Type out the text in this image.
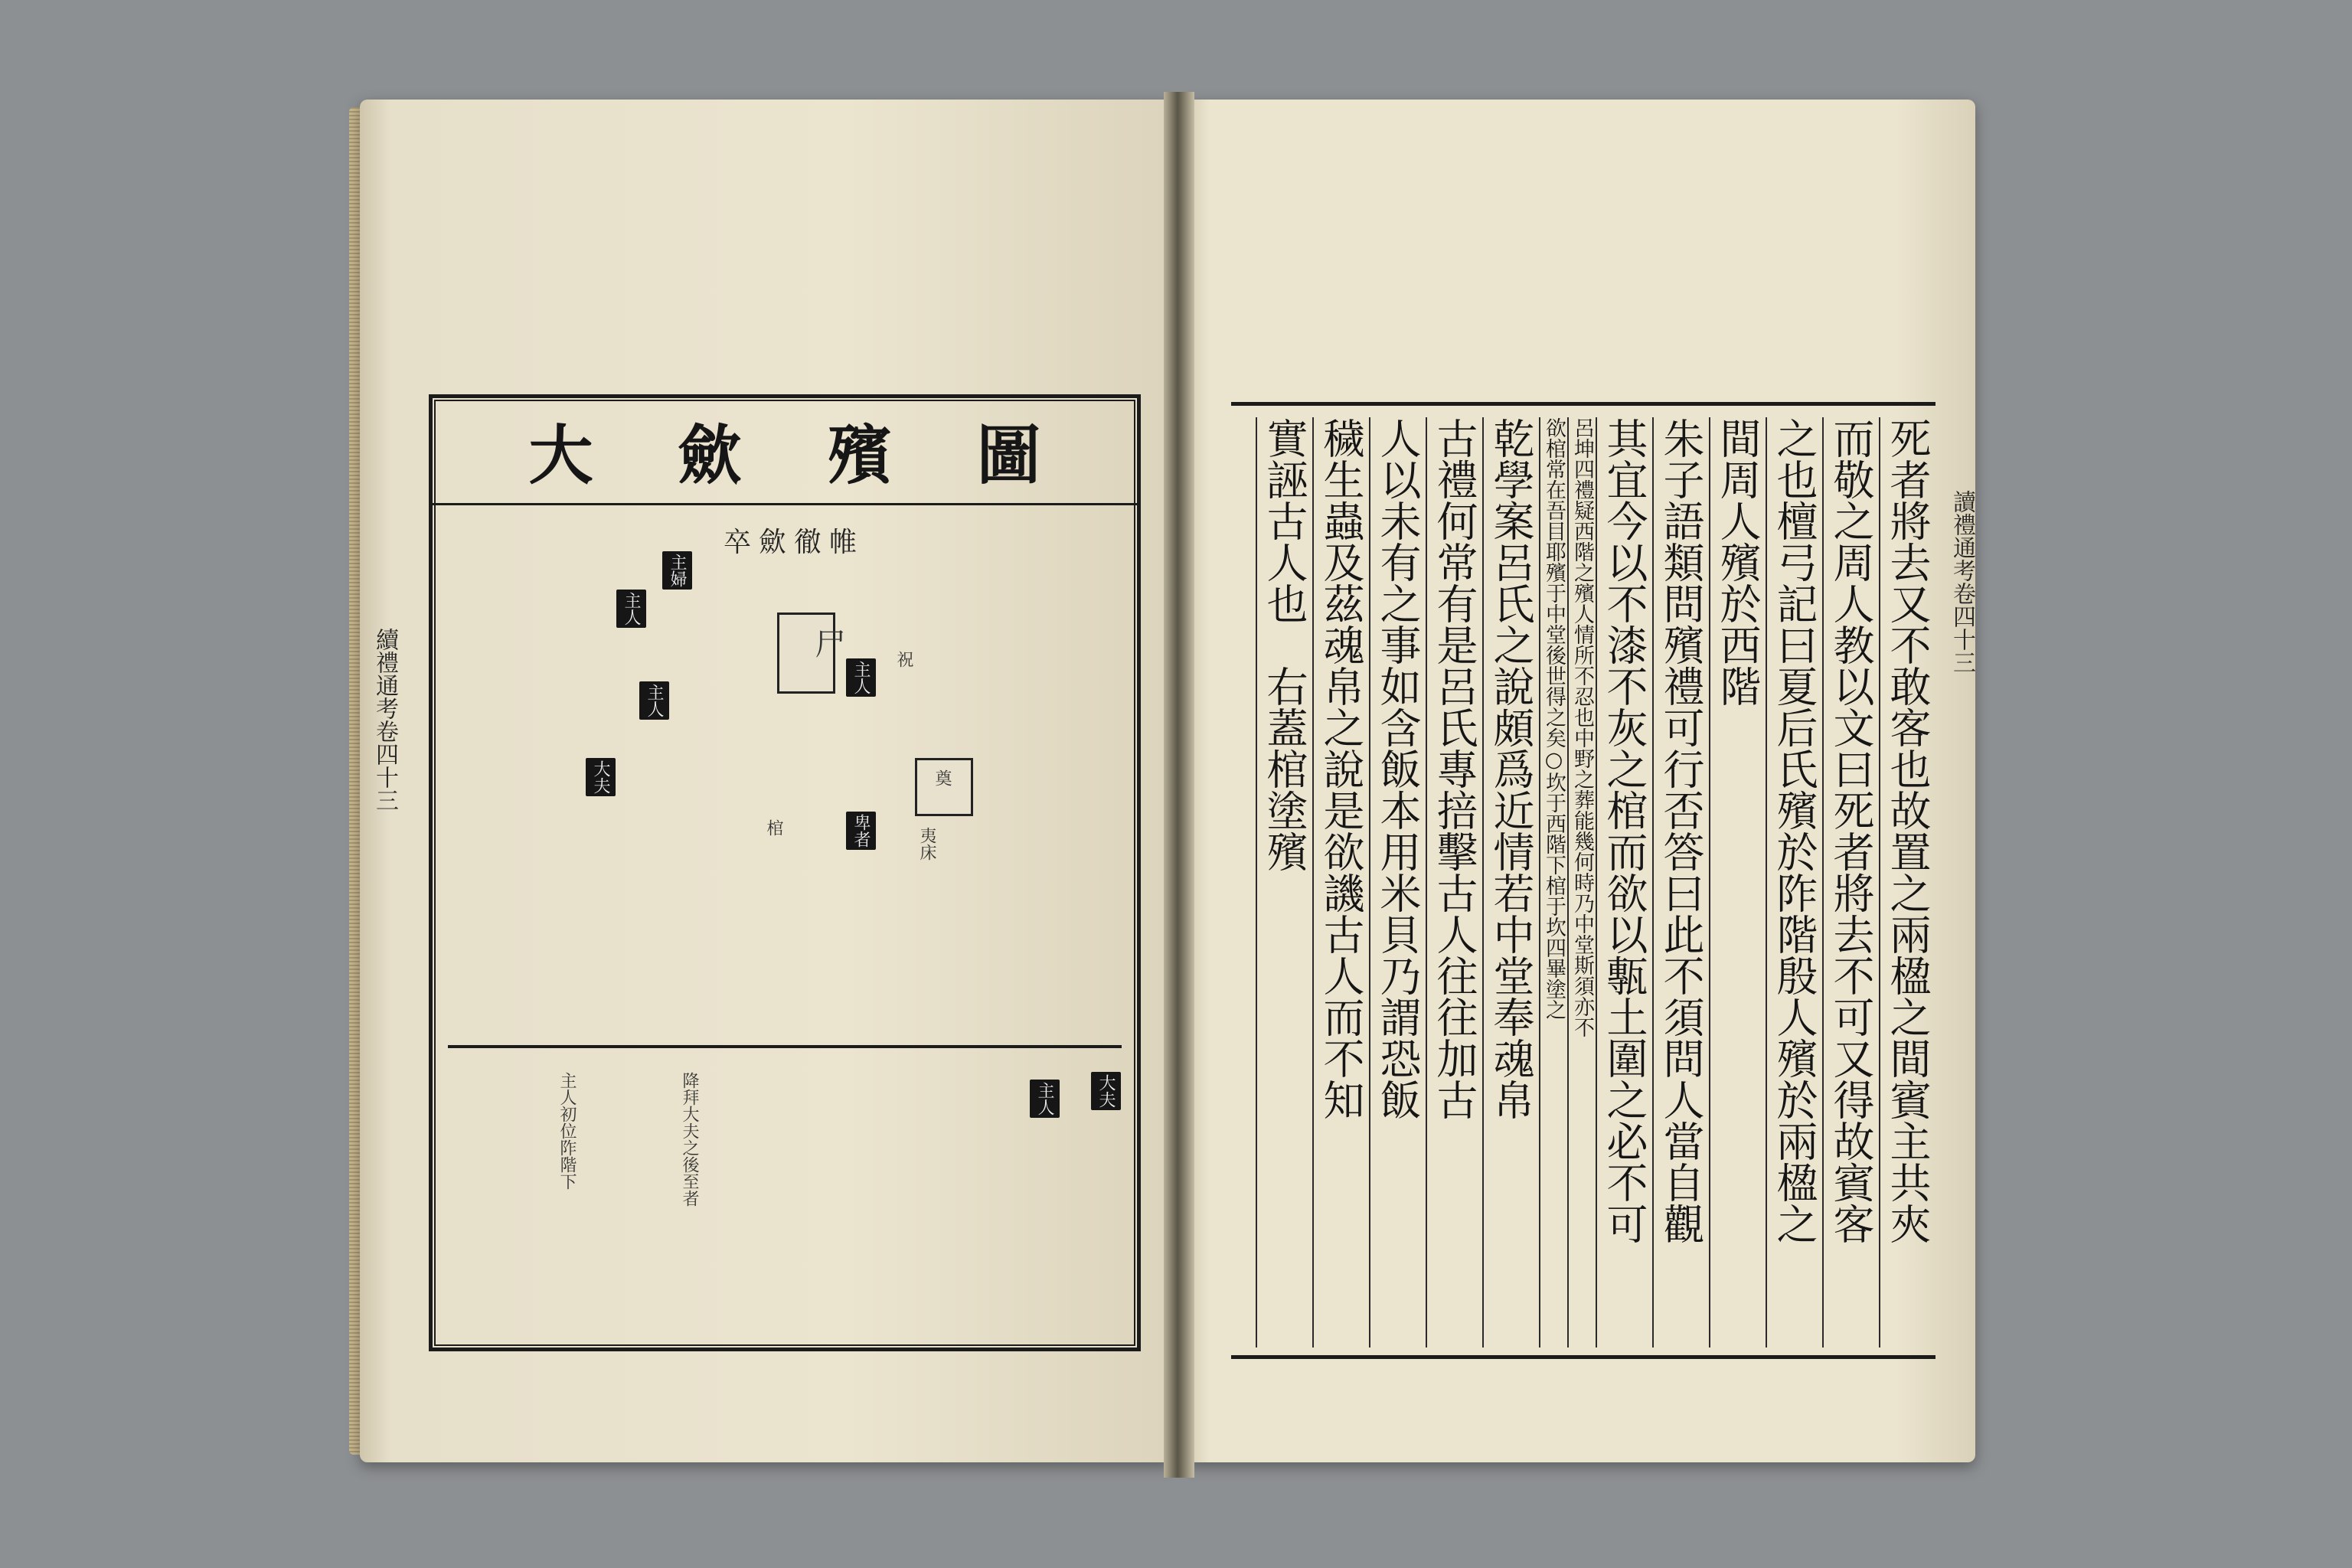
大 歛 殯 圖
卒歛徹帷
主人
主婦
主人
大夫
主人
卑者
主人	大夫
尸
祝
奠
夷床
棺
降拜大夫之後至者
主人初位阼階下
續禮通考卷四十三	死者將去又不敢客也故置之兩楹之間賓主共夾
而敬之周人教以文曰死者將去不可又得故賓客
之也檀弓記曰夏后氏殯於阼階殷人殯於兩楹之
間周人殯於西階
朱子語類問殯禮可行否答曰此不須問人當自觀
其宜今以不漆不灰之棺而欲以甎土圍之必不可
呂坤四禮疑西階之殯人情所不忍也中野之葬能幾何時乃中堂斯須亦不
欲棺常在吾目耶殯于中堂後世得之矣○坎于西階下棺于坎四畢塗之
乾學案呂氏之說頗爲近情若中堂奉魂帛
古禮何常有是呂氏專掊擊古人往往加古
人以未有之事如含飯本用米貝乃謂恐飯
穢生蟲及茲魂帛之說是欲譏古人而不知
實誣古人也　右蓋棺塗殯	讀禮通考卷四十三
